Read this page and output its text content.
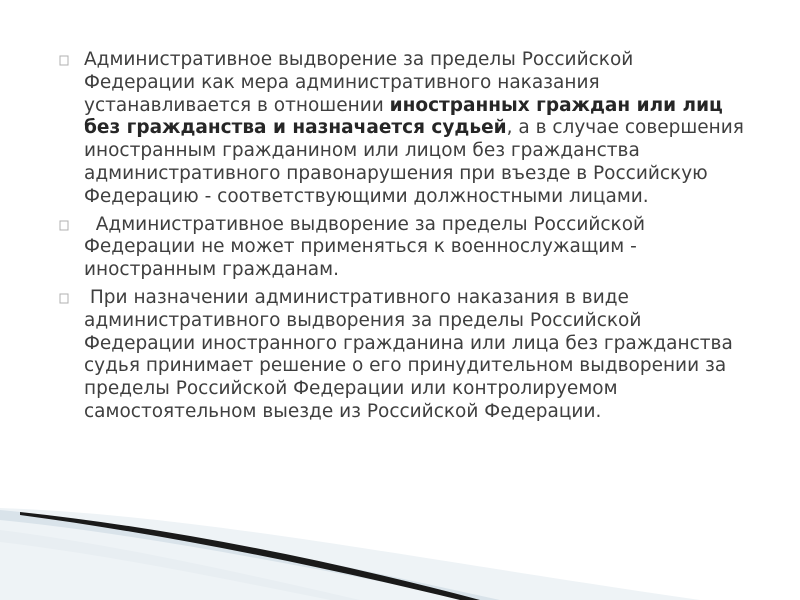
Административное выдворение за пределы Российской Федерации как мера административного наказания устанавливается в отношении иностранных граждан или лиц без гражданства и назначается судьей, а в случае совершения иностранным гражданином или лицом без гражданства административного правонарушения при въезде в Российскую Федерацию - соответствующими должностными лицами.

Административное выдворение за пределы Российской Федерации не может применяться к военнослужащим - иностранным гражданам.

При назначении административного наказания в виде административного выдворения за пределы Российской Федерации иностранного гражданина или лица без гражданства судья принимает решение о его принудительном выдворении за пределы Российской Федерации или контролируемом самостоятельном выезде из Российской Федерации.
